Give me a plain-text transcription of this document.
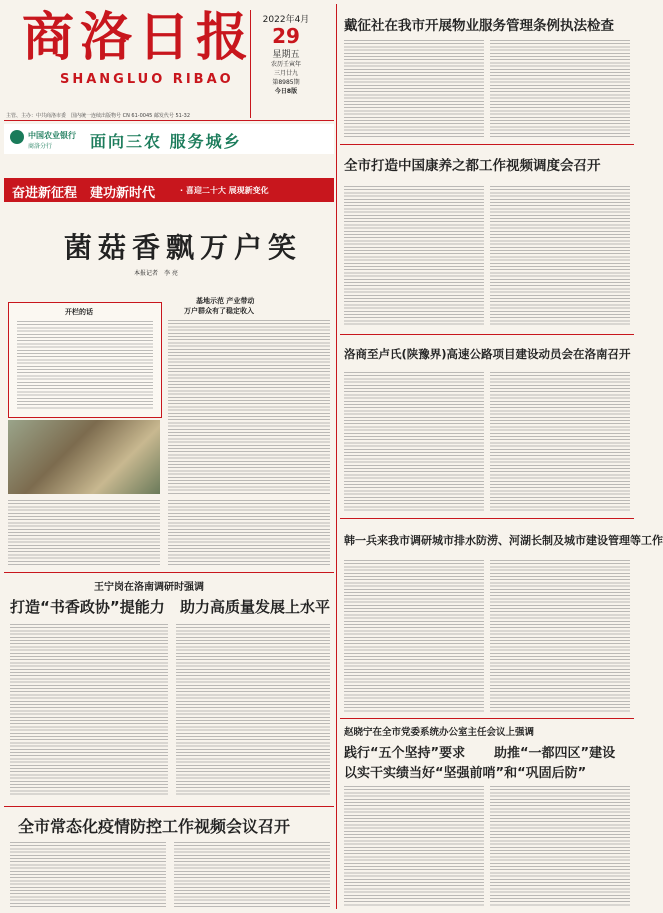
商洛日报
SHANGLUO RIBAO
2022年4月
29
星期五
农历壬寅年
三月廿九
第8985期
今日8版
主管、主办：中共商洛市委　国内统一连续出版物号 CN 61-0045 邮发代号 51-32
中国农业银行
商洛分行 面向三农 服务城乡
奋进新征程　建功新时代	· 喜迎二十大 展现新变化
菌菇香飘万户笑
本报记者　李 亮
开栏的话
基地示范 产业带动
万户群众有了稳定收入
王宁岗在洛南调研时强调
打造“书香政协”提能力 助力高质量发展上水平
全市常态化疫情防控工作视频会议召开
戴征社在我市开展物业服务管理条例执法检查
全市打造中国康养之都工作视频调度会召开
洛商至卢氏(陕豫界)高速公路项目建设动员会在洛南召开
韩一兵来我市调研城市排水防涝、河湖长制及城市建设管理等工作
赵晓宁在全市党委系统办公室主任会议上强调
践行“五个坚持”要求 助推“一都四区”建设
以实干实绩当好“坚强前哨”和“巩固后防”
